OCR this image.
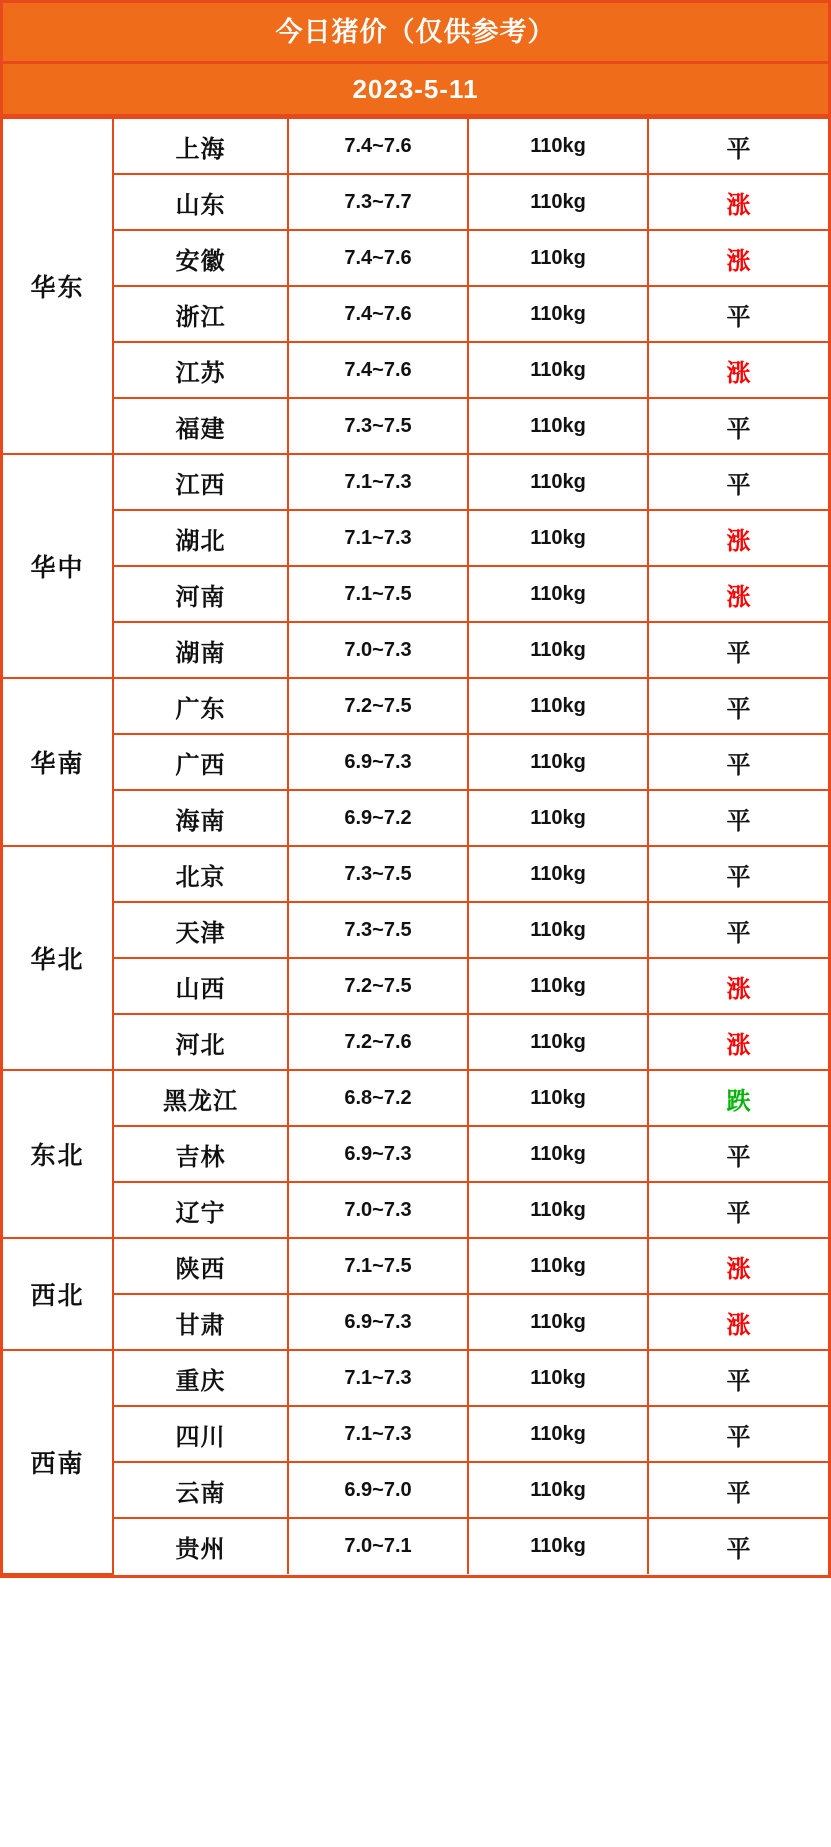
今日猪价（仅供参考）
2023-5-11
华东	上海	7.4~7.6	110kg	平
	山东	7.3~7.7	110kg	涨
	安徽	7.4~7.6	110kg	涨
	浙江	7.4~7.6	110kg	平
	江苏	7.4~7.6	110kg	涨
	福建	7.3~7.5	110kg	平
华中	江西	7.1~7.3	110kg	平
	湖北	7.1~7.3	110kg	涨
	河南	7.1~7.5	110kg	涨
	湖南	7.0~7.3	110kg	平
华南	广东	7.2~7.5	110kg	平
	广西	6.9~7.3	110kg	平
	海南	6.9~7.2	110kg	平
华北	北京	7.3~7.5	110kg	平
	天津	7.3~7.5	110kg	平
	山西	7.2~7.5	110kg	涨
	河北	7.2~7.6	110kg	涨
东北	黑龙江	6.8~7.2	110kg	跌
	吉林	6.9~7.3	110kg	平
	辽宁	7.0~7.3	110kg	平
西北	陕西	7.1~7.5	110kg	涨
	甘肃	6.9~7.3	110kg	涨
西南	重庆	7.1~7.3	110kg	平
	四川	7.1~7.3	110kg	平
	云南	6.9~7.0	110kg	平
	贵州	7.0~7.1	110kg	平
